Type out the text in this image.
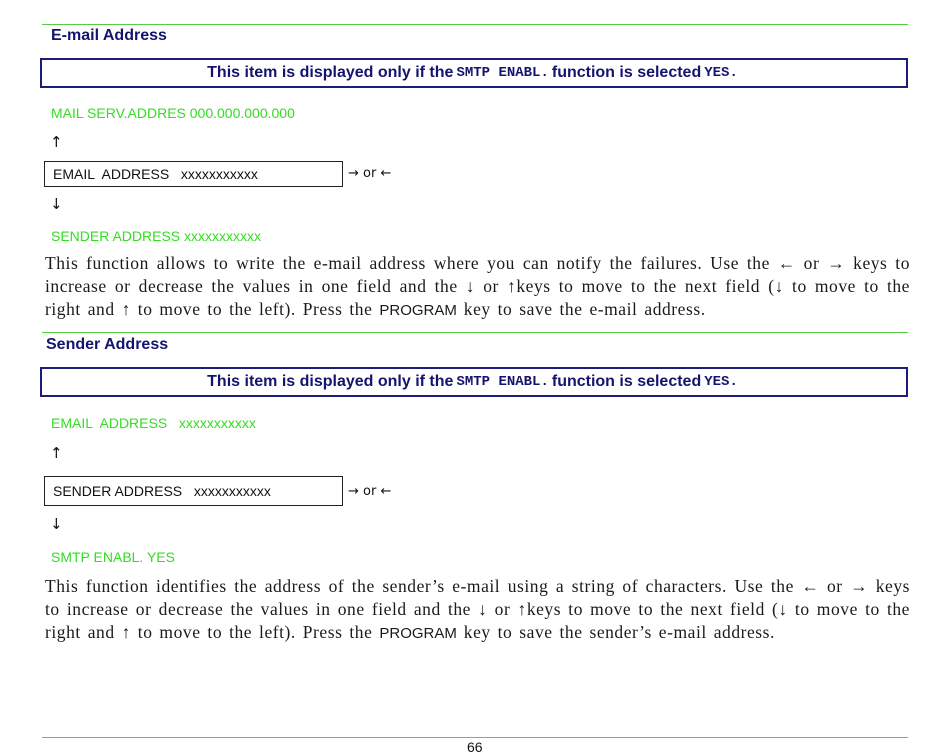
E-mail Address
This item is displayed only if the SMTP ENABL. function is selected YES.
MAIL SERV.ADDRES 000.000.000.000
↑
EMAIL  ADDRESS   xxxxxxxxxxx	→ or ←
↓
SENDER ADDRESS xxxxxxxxxxx
This function allows to write the e-mail address where you can notify the failures. Use the ← or → keys to increase or decrease the values in one field and the ↓ or ↑keys to move to the next field (↓ to move to the right and ↑ to move to the left). Press the PROGRAM key to save the e-mail address.
Sender Address
This item is displayed only if the SMTP ENABL. function is selected YES.
EMAIL  ADDRESS   xxxxxxxxxxx
↑
SENDER ADDRESS   xxxxxxxxxxx	→ or ←
↓
SMTP ENABL. YES
This function identifies the address of the sender’s e-mail using a string of characters. Use the ← or → keys to increase or decrease the values in one field and the ↓ or ↑keys to move to the next field (↓ to move to the right and ↑ to move to the left). Press the PROGRAM key to save the sender’s e-mail address.
66
